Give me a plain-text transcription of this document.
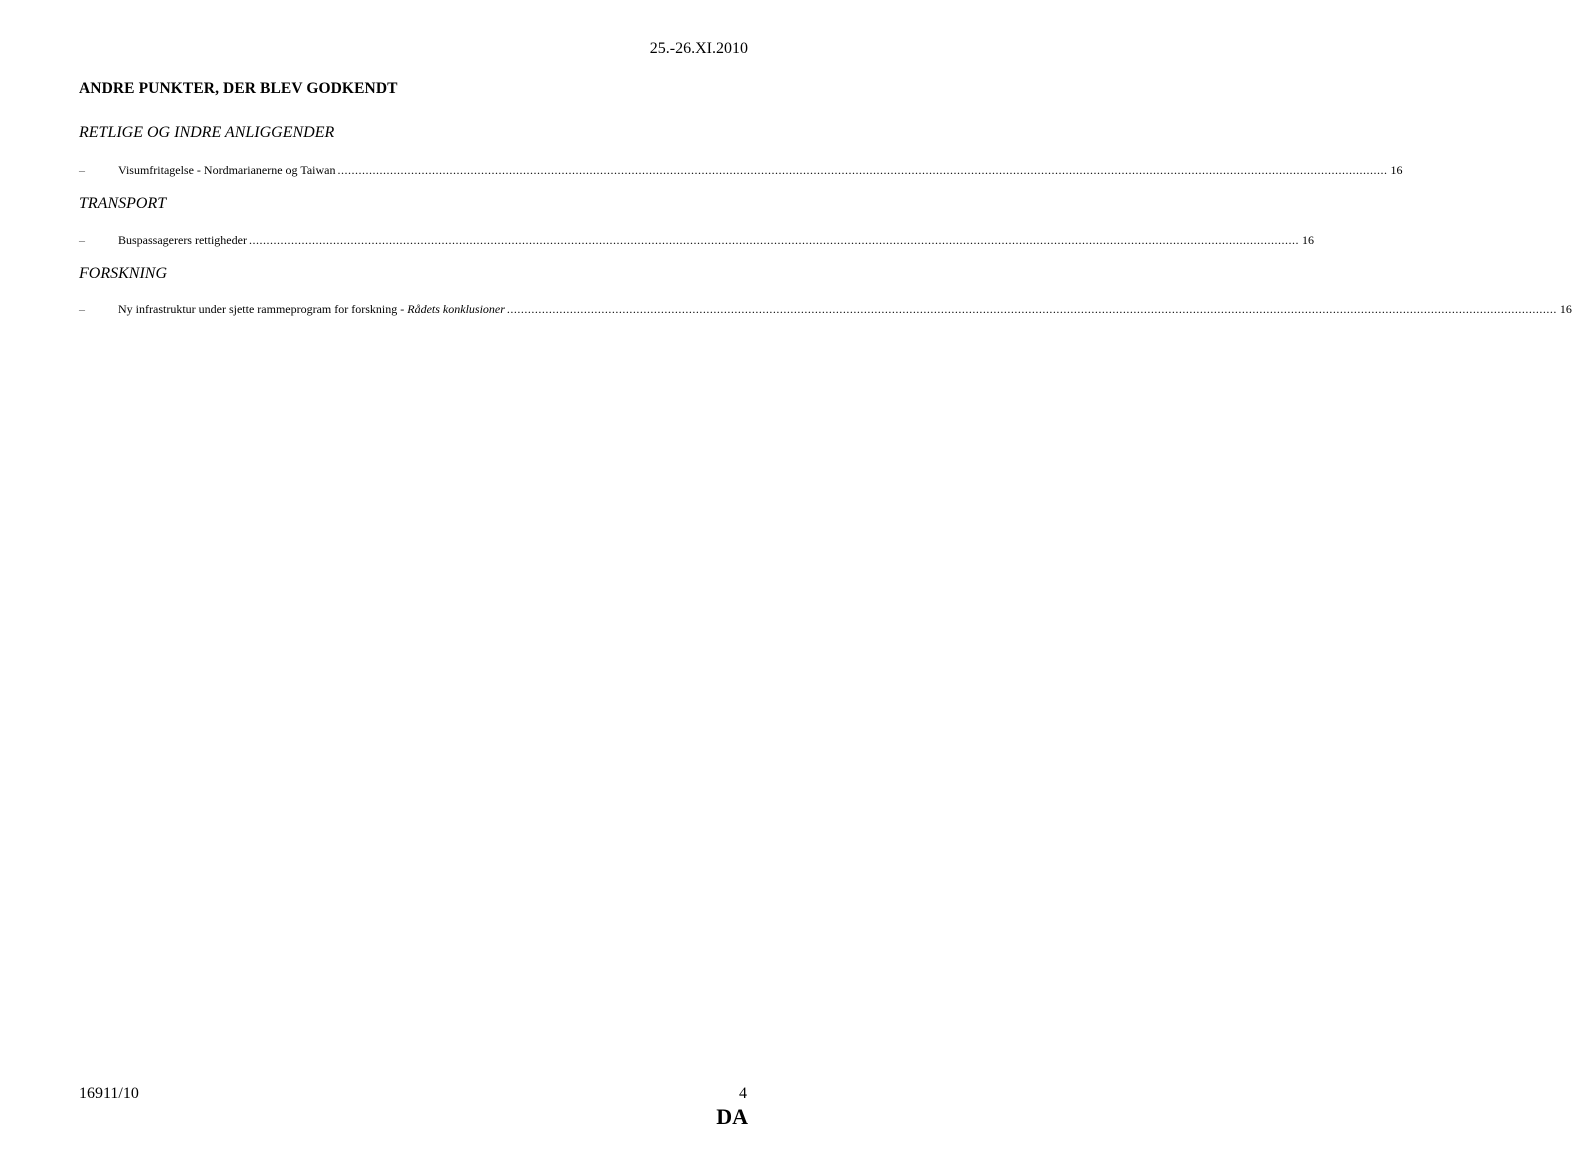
25.-26.XI.2010
ANDRE PUNKTER, DER BLEV GODKENDT
RETLIGE OG INDRE ANLIGGENDER
–	Visumfritagelse - Nordmarianerne og Taiwan ............................................................................................................................................................................................................................................................................................................ 16
TRANSPORT
–	Buspassagerers rettigheder ............................................................................................................................................................................................................................................................................................................ 16
FORSKNING
–	Ny infrastruktur under sjette rammeprogram for forskning - Rådets konklusioner ............................................................................................................................................................................................................................................................................................................ 16
16911/10	4
DA
